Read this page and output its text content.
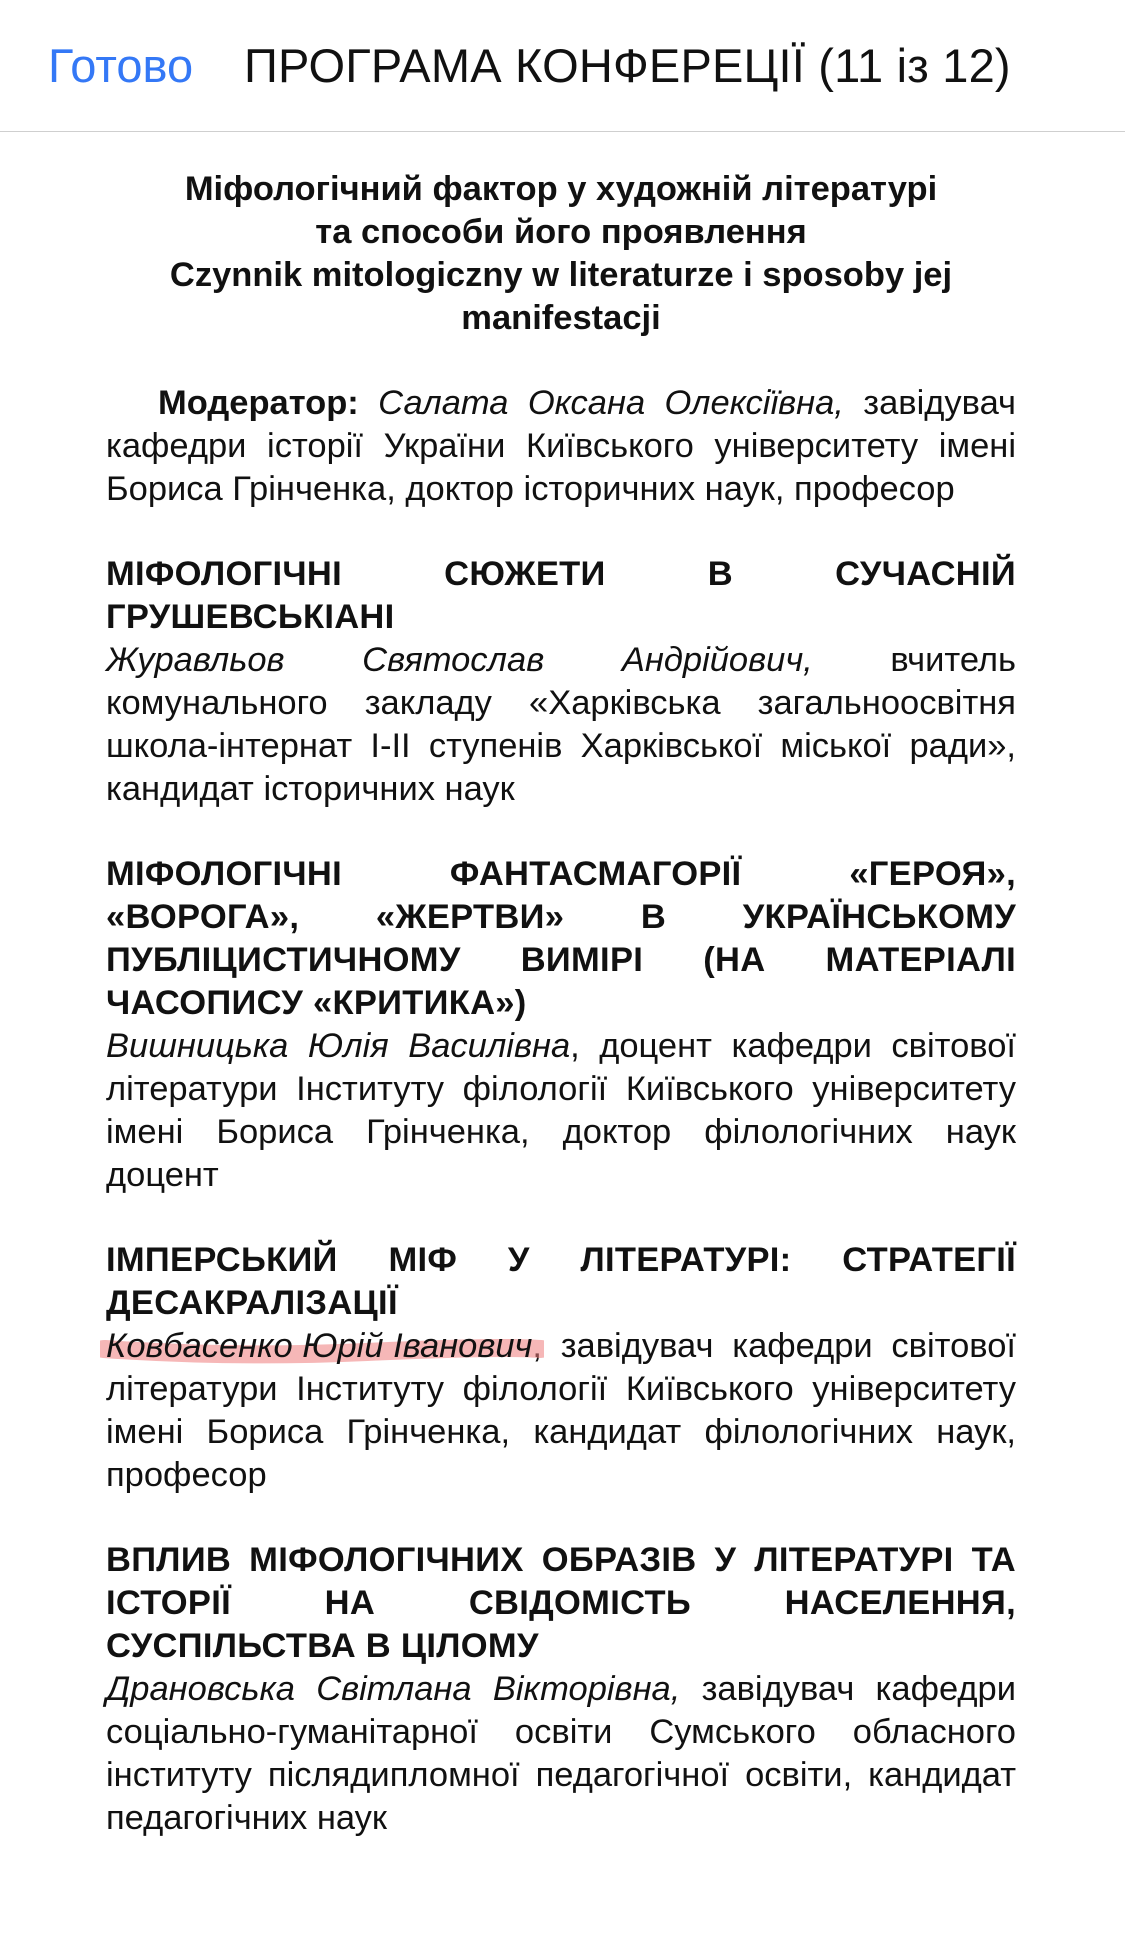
Готово ПРОГРАМА КОНФЕРЕЦІЇ (11 із 12)
Міфологічний фактор у художній літературі
та способи його проявлення
Czynnik mitologiczny w literaturze i sposoby jej
manifestacji

Модератор: Салата Оксана Олексіївна, завідувач кафедри історії України Київського університету імені Бориса Грінченка, доктор історичних наук, професор

МІФОЛОГІЧНІ СЮЖЕТИ В СУЧАСНІЙ ГРУШЕВСЬКІАНІ

Журавльов Святослав Андрійович, вчитель комунального закладу «Харківська загальноосвітня школа-інтернат І-ІІ ступенів Харківської міської ради», кандидат історичних наук

МІФОЛОГІЧНІ ФАНТАСМАГОРІЇ «ГЕРОЯ», «ВОРОГА», «ЖЕРТВИ» В УКРАЇНСЬКОМУ ПУБЛІЦИСТИЧНОМУ ВИМІРІ (НА МАТЕРІАЛІ ЧАСОПИСУ «КРИТИКА»)

Вишницька Юлія Василівна, доцент кафедри світової літератури Інституту філології Київського університету імені Бориса Грінченка, доктор філологічних наук доцент

ІМПЕРСЬКИЙ МІФ У ЛІТЕРАТУРІ: СТРАТЕГІЇ ДЕСАКРАЛІЗАЦІЇ

Ковбасенко Юрій Іванович, завідувач кафедри світової літератури Інституту філології Київського університету імені Бориса Грінченка, кандидат філологічних наук, професор

ВПЛИВ МІФОЛОГІЧНИХ ОБРАЗІВ У ЛІТЕРАТУРІ ТА ІСТОРІЇ НА СВІДОМІСТЬ НАСЕЛЕННЯ, СУСПІЛЬСТВА В ЦІЛОМУ

Драновська Світлана Вікторівна, завідувач кафедри соціально-гуманітарної освіти Сумського обласного інституту післядипломної педагогічної освіти, кандидат педагогічних наук
